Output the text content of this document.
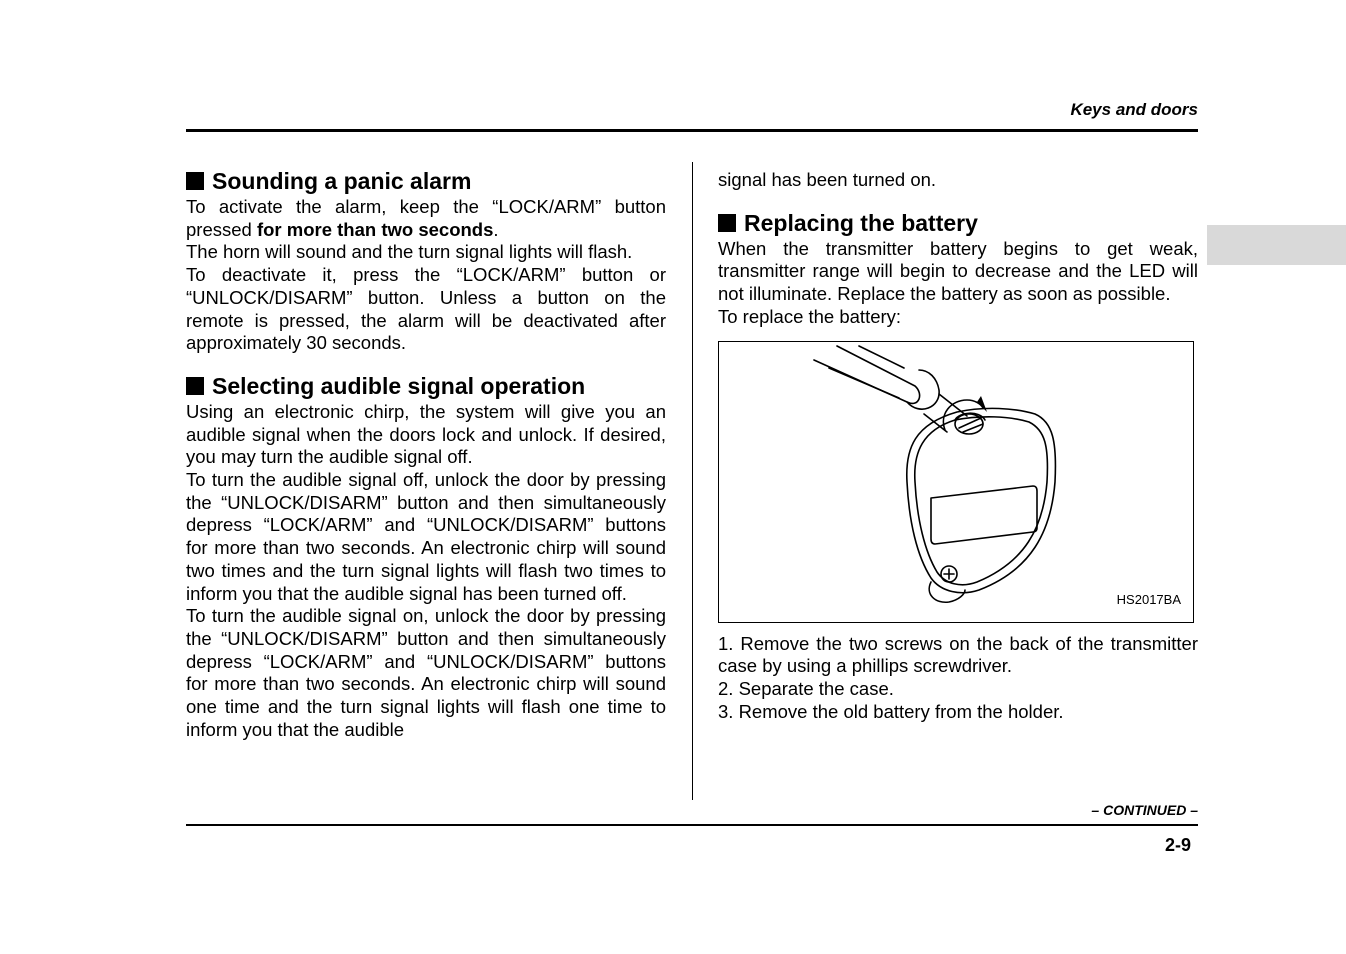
Keys and doors
Sounding a panic alarm

To activate the alarm, keep the “LOCK/ARM” button pressed for more than two seconds.

The horn will sound and the turn signal lights will flash.

To deactivate it, press the “LOCK/ARM” button or “UNLOCK/DISARM” button. Unless a button on the remote is pressed, the alarm will be deactivated after approximately 30 seconds.

Selecting audible signal operation

Using an electronic chirp, the system will give you an audible signal when the doors lock and unlock. If desired, you may turn the audible signal off.

To turn the audible signal off, unlock the door by pressing the “UNLOCK/DISARM” button and then simultaneously depress “LOCK/ARM” and “UNLOCK/DISARM” buttons for more than two seconds. An electronic chirp will sound two times and the turn signal lights will flash two times to inform you that the audible signal has been turned off.

To turn the audible signal on, unlock the door by pressing the “UNLOCK/DISARM” button and then simultaneously depress “LOCK/ARM” and “UNLOCK/DISARM” buttons for more than two seconds. An electronic chirp will sound one time and the turn signal lights will flash one time to inform you that the audible

signal has been turned on.

Replacing the battery

When the transmitter battery begins to get weak, transmitter range will begin to decrease and the LED will not illuminate. Replace the battery as soon as possible.

To replace the battery:

HS2017BA

1. Remove the two screws on the back of the transmitter case by using a phillips screwdriver.

2. Separate the case.

3. Remove the old battery from the holder.

– CONTINUED –
2-9
